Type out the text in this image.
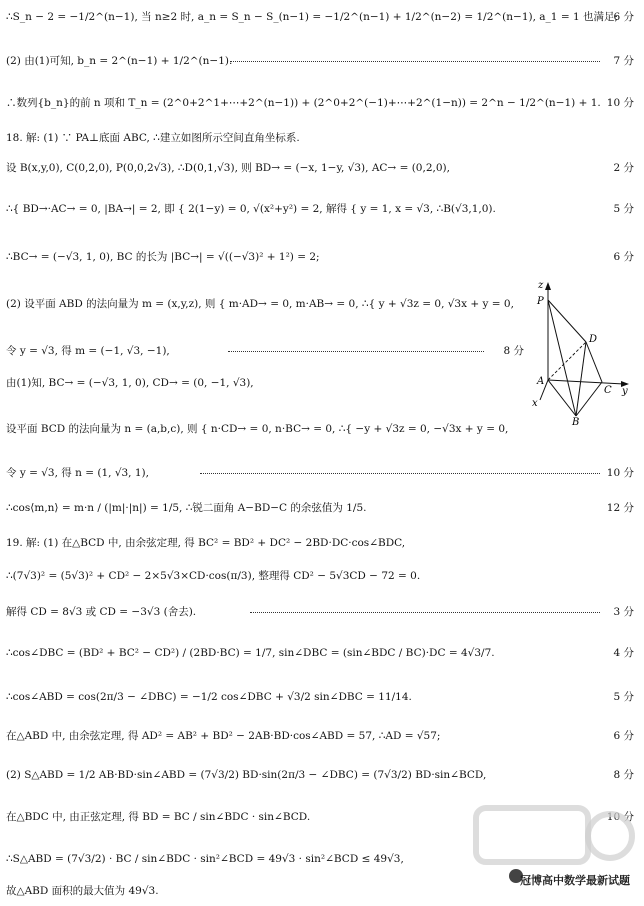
∴S_n − 2 = −1/2^(n−1), 当 n≥2 时, a_n = S_n − S_(n−1) = −1/2^(n−1) + 1/2^(n−2) = 1/2^(n−1), a_1 = 1 也满足;
6 分
(2) 由(1)可知, b_n = 2^(n−1) + 1/2^(n−1).	7 分
∴数列{b_n}的前 n 项和 T_n = (2^0+2^1+⋯+2^(n−1)) + (2^0+2^(−1)+⋯+2^(1−n)) = 2^n − 1/2^(n−1) + 1. 10 分
18. 解: (1) ∵ PA⊥底面 ABC, ∴建立如图所示空间直角坐标系.
设 B(x,y,0), C(0,2,0), P(0,0,2√3), ∴D(0,1,√3), 则 BD→ = (−x, 1−y, √3), AC→ = (0,2,0),	2 分
∴{ BD→·AC→ = 0, |BA→| = 2, 即 { 2(1−y) = 0, √(x²+y²) = 2, 解得 { y = 1, x = √3, ∴B(√3,1,0).	5 分
∴BC→ = (−√3, 1, 0), BC 的长为 |BC→| = √((−√3)² + 1²) = 2;	6 分
(2) 设平面 ABD 的法向量为 m = (x,y,z), 则 { m·AD→ = 0, m·AB→ = 0, ∴{ y + √3z = 0, √3x + y = 0,
令 y = √3, 得 m = (−1, √3, −1),	8 分
由(1)知, BC→ = (−√3, 1, 0), CD→ = (0, −1, √3),
设平面 BCD 的法向量为 n = (a,b,c), 则 { n·CD→ = 0, n·BC→ = 0, ∴{ −y + √3z = 0, −√3x + y = 0,
令 y = √3, 得 n = (1, √3, 1),	10 分
∴cos⟨m,n⟩ = m·n / (|m|·|n|) = 1/5, ∴锐二面角 A−BD−C 的余弦值为 1/5.	12 分
19. 解: (1) 在△BCD 中, 由余弦定理, 得 BC² = BD² + DC² − 2BD·DC·cos∠BDC,
∴(7√3)² = (5√3)² + CD² − 2×5√3×CD·cos(π/3), 整理得 CD² − 5√3CD − 72 = 0.
解得 CD = 8√3 或 CD = −3√3 (舍去).	3 分
∴cos∠DBC = (BD² + BC² − CD²) / (2BD·BC) = 1/7, sin∠DBC = (sin∠BDC / BC)·DC = 4√3/7.	4 分
∴cos∠ABD = cos(2π/3 − ∠DBC) = −1/2 cos∠DBC + √3/2 sin∠DBC = 11/14.	5 分
在△ABD 中, 由余弦定理, 得 AD² = AB² + BD² − 2AB·BD·cos∠ABD = 57, ∴AD = √57;	6 分
(2) S△ABD = 1/2 AB·BD·sin∠ABD = (7√3/2) BD·sin(2π/3 − ∠DBC) = (7√3/2) BD·sin∠BCD,	8 分
在△BDC 中, 由正弦定理, 得 BD = BC / sin∠BDC · sin∠BCD.	10 分
∴S△ABD = (7√3/2) · BC / sin∠BDC · sin²∠BCD = 49√3 · sin²∠BCD ≤ 49√3,
故△ABD 面积的最大值为 49√3.
z
P
D
A
C y
x
B
冠博高中数学最新试题
